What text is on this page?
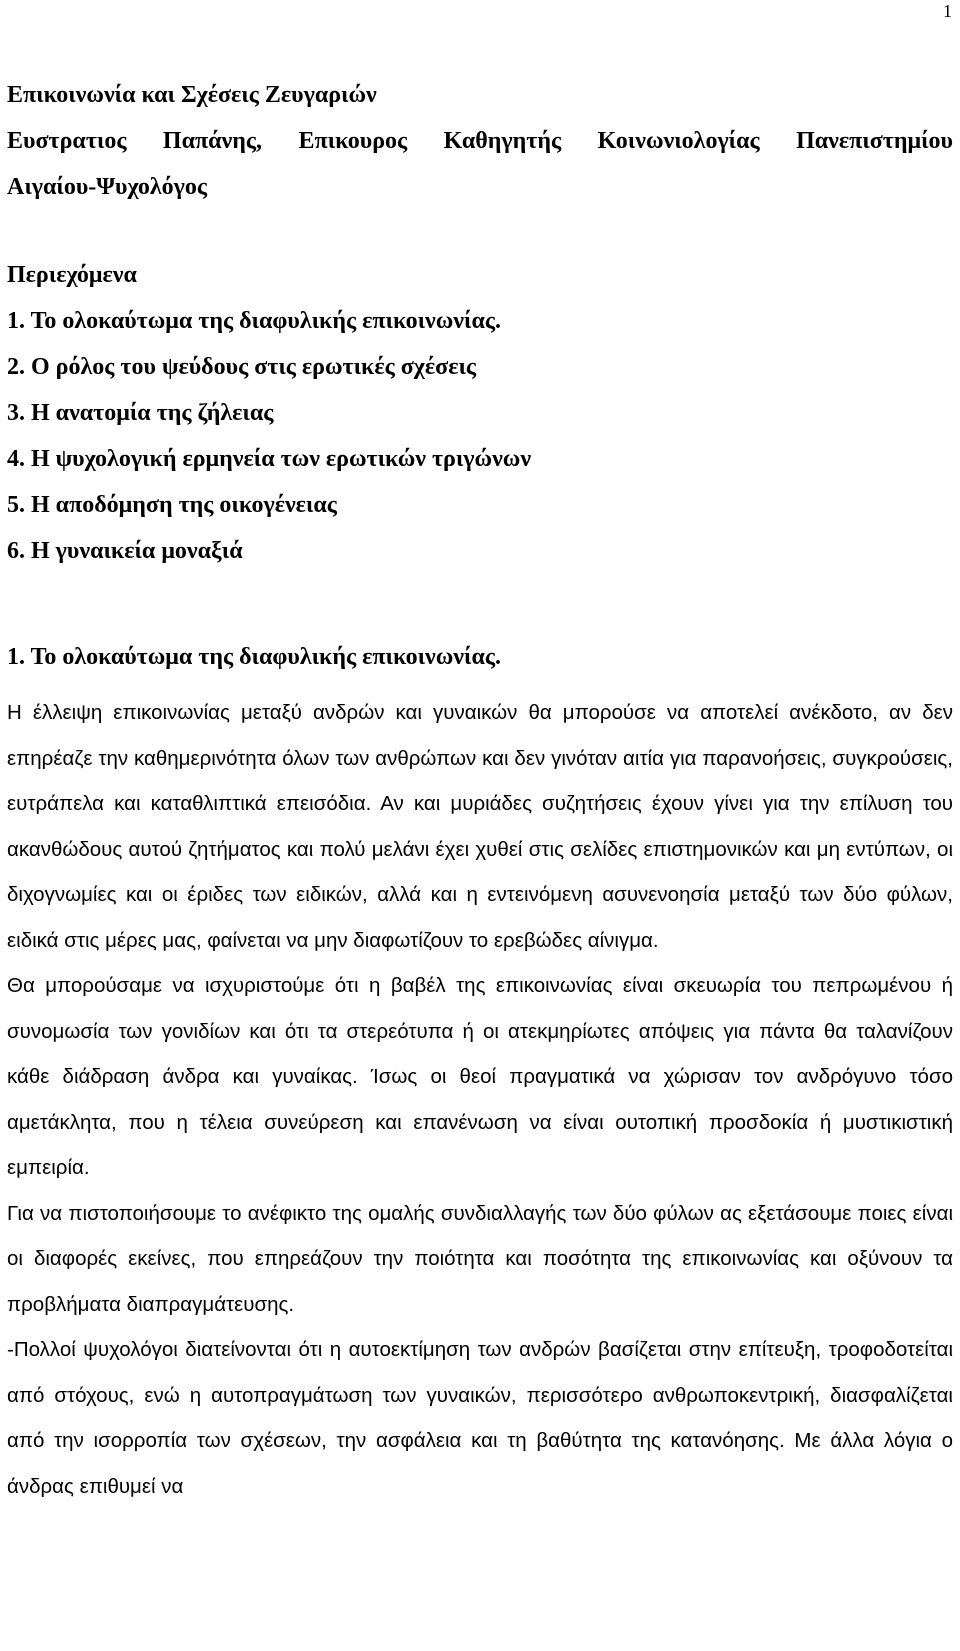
1
Επικοινωνία και Σχέσεις Ζευγαριών
Ευστρατιος Παπάνης, Επικουρος Καθηγητής Κοινωνιολογίας Πανεπιστημίου
Αιγαίου-Ψυχολόγος
Περιεχόμενα
1. Το ολοκαύτωμα της διαφυλικής επικοινωνίας.
2. Ο ρόλος του ψεύδους στις ερωτικές σχέσεις
3. Η ανατομία της ζήλειας
4. Η ψυχολογική ερμηνεία των ερωτικών τριγώνων
5. Η αποδόμηση της οικογένειας
6. Η γυναικεία μοναξιά
1. Το ολοκαύτωμα της διαφυλικής επικοινωνίας.

Η έλλειψη επικοινωνίας μεταξύ ανδρών και γυναικών θα μπορούσε να αποτελεί ανέκδοτο, αν δεν επηρέαζε την καθημερινότητα όλων των ανθρώπων και δεν γινόταν αιτία για παρανοήσεις, συγκρούσεις, ευτράπελα και καταθλιπτικά επεισόδια. Αν και μυριάδες συζητήσεις έχουν γίνει για την επίλυση του ακανθώδους αυτού ζητήματος και πολύ μελάνι έχει χυθεί στις σελίδες επιστημονικών και μη εντύπων, οι διχογνωμίες και οι έριδες των ειδικών, αλλά και η εντεινόμενη ασυνενοησία μεταξύ των δύο φύλων, ειδικά στις μέρες μας, φαίνεται να μην διαφωτίζουν το ερεβώδες αίνιγμα.

Θα μπορούσαμε να ισχυριστούμε ότι η βαβέλ της επικοινωνίας είναι σκευωρία του πεπρωμένου ή συνομωσία των γονιδίων και ότι τα στερεότυπα ή οι ατεκμηρίωτες απόψεις για πάντα θα ταλανίζουν κάθε διάδραση άνδρα και γυναίκας. Ίσως οι θεοί πραγματικά να χώρισαν τον ανδρόγυνο τόσο αμετάκλητα, που η τέλεια συνεύρεση και επανένωση να είναι ουτοπική προσδοκία ή μυστικιστική εμπειρία.

Για να πιστοποιήσουμε το ανέφικτο της ομαλής συνδιαλλαγής των δύο φύλων ας εξετάσουμε ποιες είναι οι διαφορές εκείνες, που επηρεάζουν την ποιότητα και ποσότητα της επικοινωνίας και οξύνουν τα προβλήματα διαπραγμάτευσης.

-Πολλοί ψυχολόγοι διατείνονται ότι η αυτοεκτίμηση των ανδρών βασίζεται στην επίτευξη, τροφοδοτείται από στόχους, ενώ η αυτοπραγμάτωση των γυναικών, περισσότερο ανθρωποκεντρική, διασφαλίζεται από την ισορροπία των σχέσεων, την ασφάλεια και τη βαθύτητα της κατανόησης. Με άλλα λόγια ο άνδρας επιθυμεί να
